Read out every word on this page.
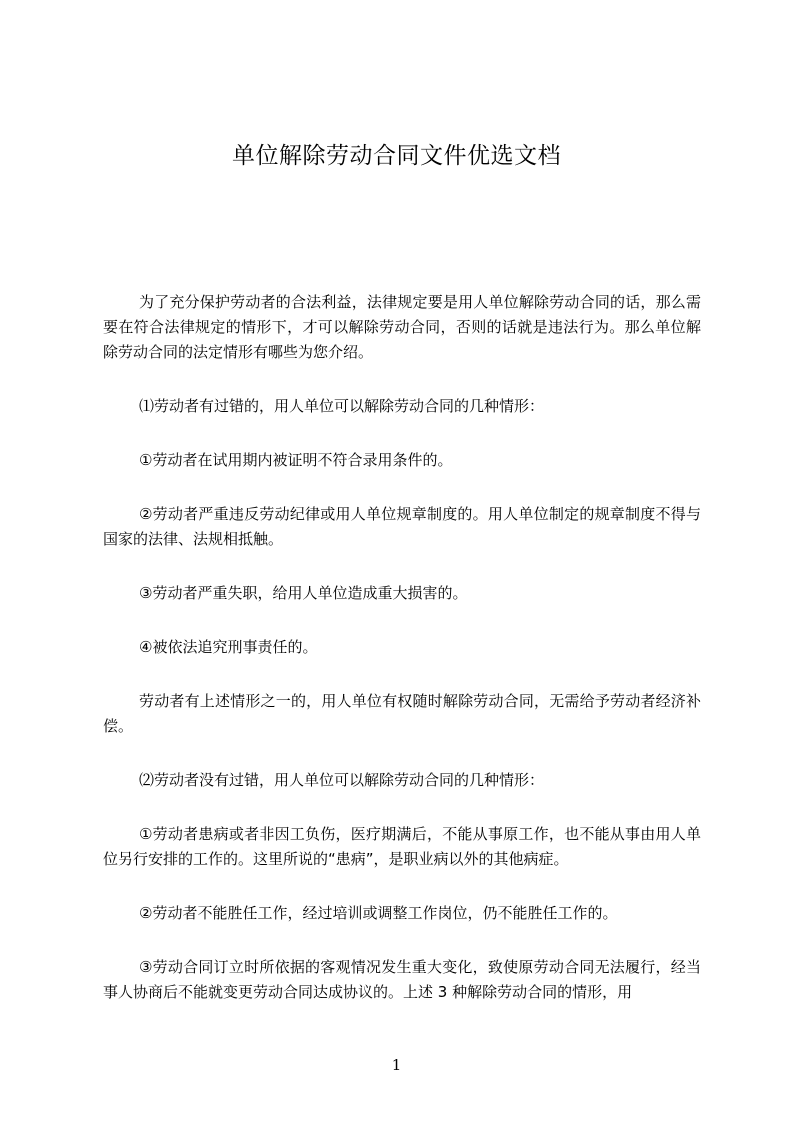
单位解除劳动合同文件优选文档

为了充分保护劳动者的合法利益，法律规定要是用人单位解除劳动合同的话，那么需要在符合法律规定的情形下，才可以解除劳动合同，否则的话就是违法行为。那么单位解除劳动合同的法定情形有哪些为您介绍。

⑴劳动者有过错的，用人单位可以解除劳动合同的几种情形：

①劳动者在试用期内被证明不符合录用条件的。

②劳动者严重违反劳动纪律或用人单位规章制度的。用人单位制定的规章制度不得与国家的法律、法规相抵触。

③劳动者严重失职，给用人单位造成重大损害的。

④被依法追究刑事责任的。

劳动者有上述情形之一的，用人单位有权随时解除劳动合同，无需给予劳动者经济补偿。

⑵劳动者没有过错，用人单位可以解除劳动合同的几种情形：

①劳动者患病或者非因工负伤，医疗期满后，不能从事原工作，也不能从事由用人单位另行安排的工作的。这里所说的“患病”，是职业病以外的其他病症。

②劳动者不能胜任工作，经过培训或调整工作岗位，仍不能胜任工作的。

③劳动合同订立时所依据的客观情况发生重大变化，致使原劳动合同无法履行，经当事人协商后不能就变更劳动合同达成协议的。上述 3 种解除劳动合同的情形，用

1
